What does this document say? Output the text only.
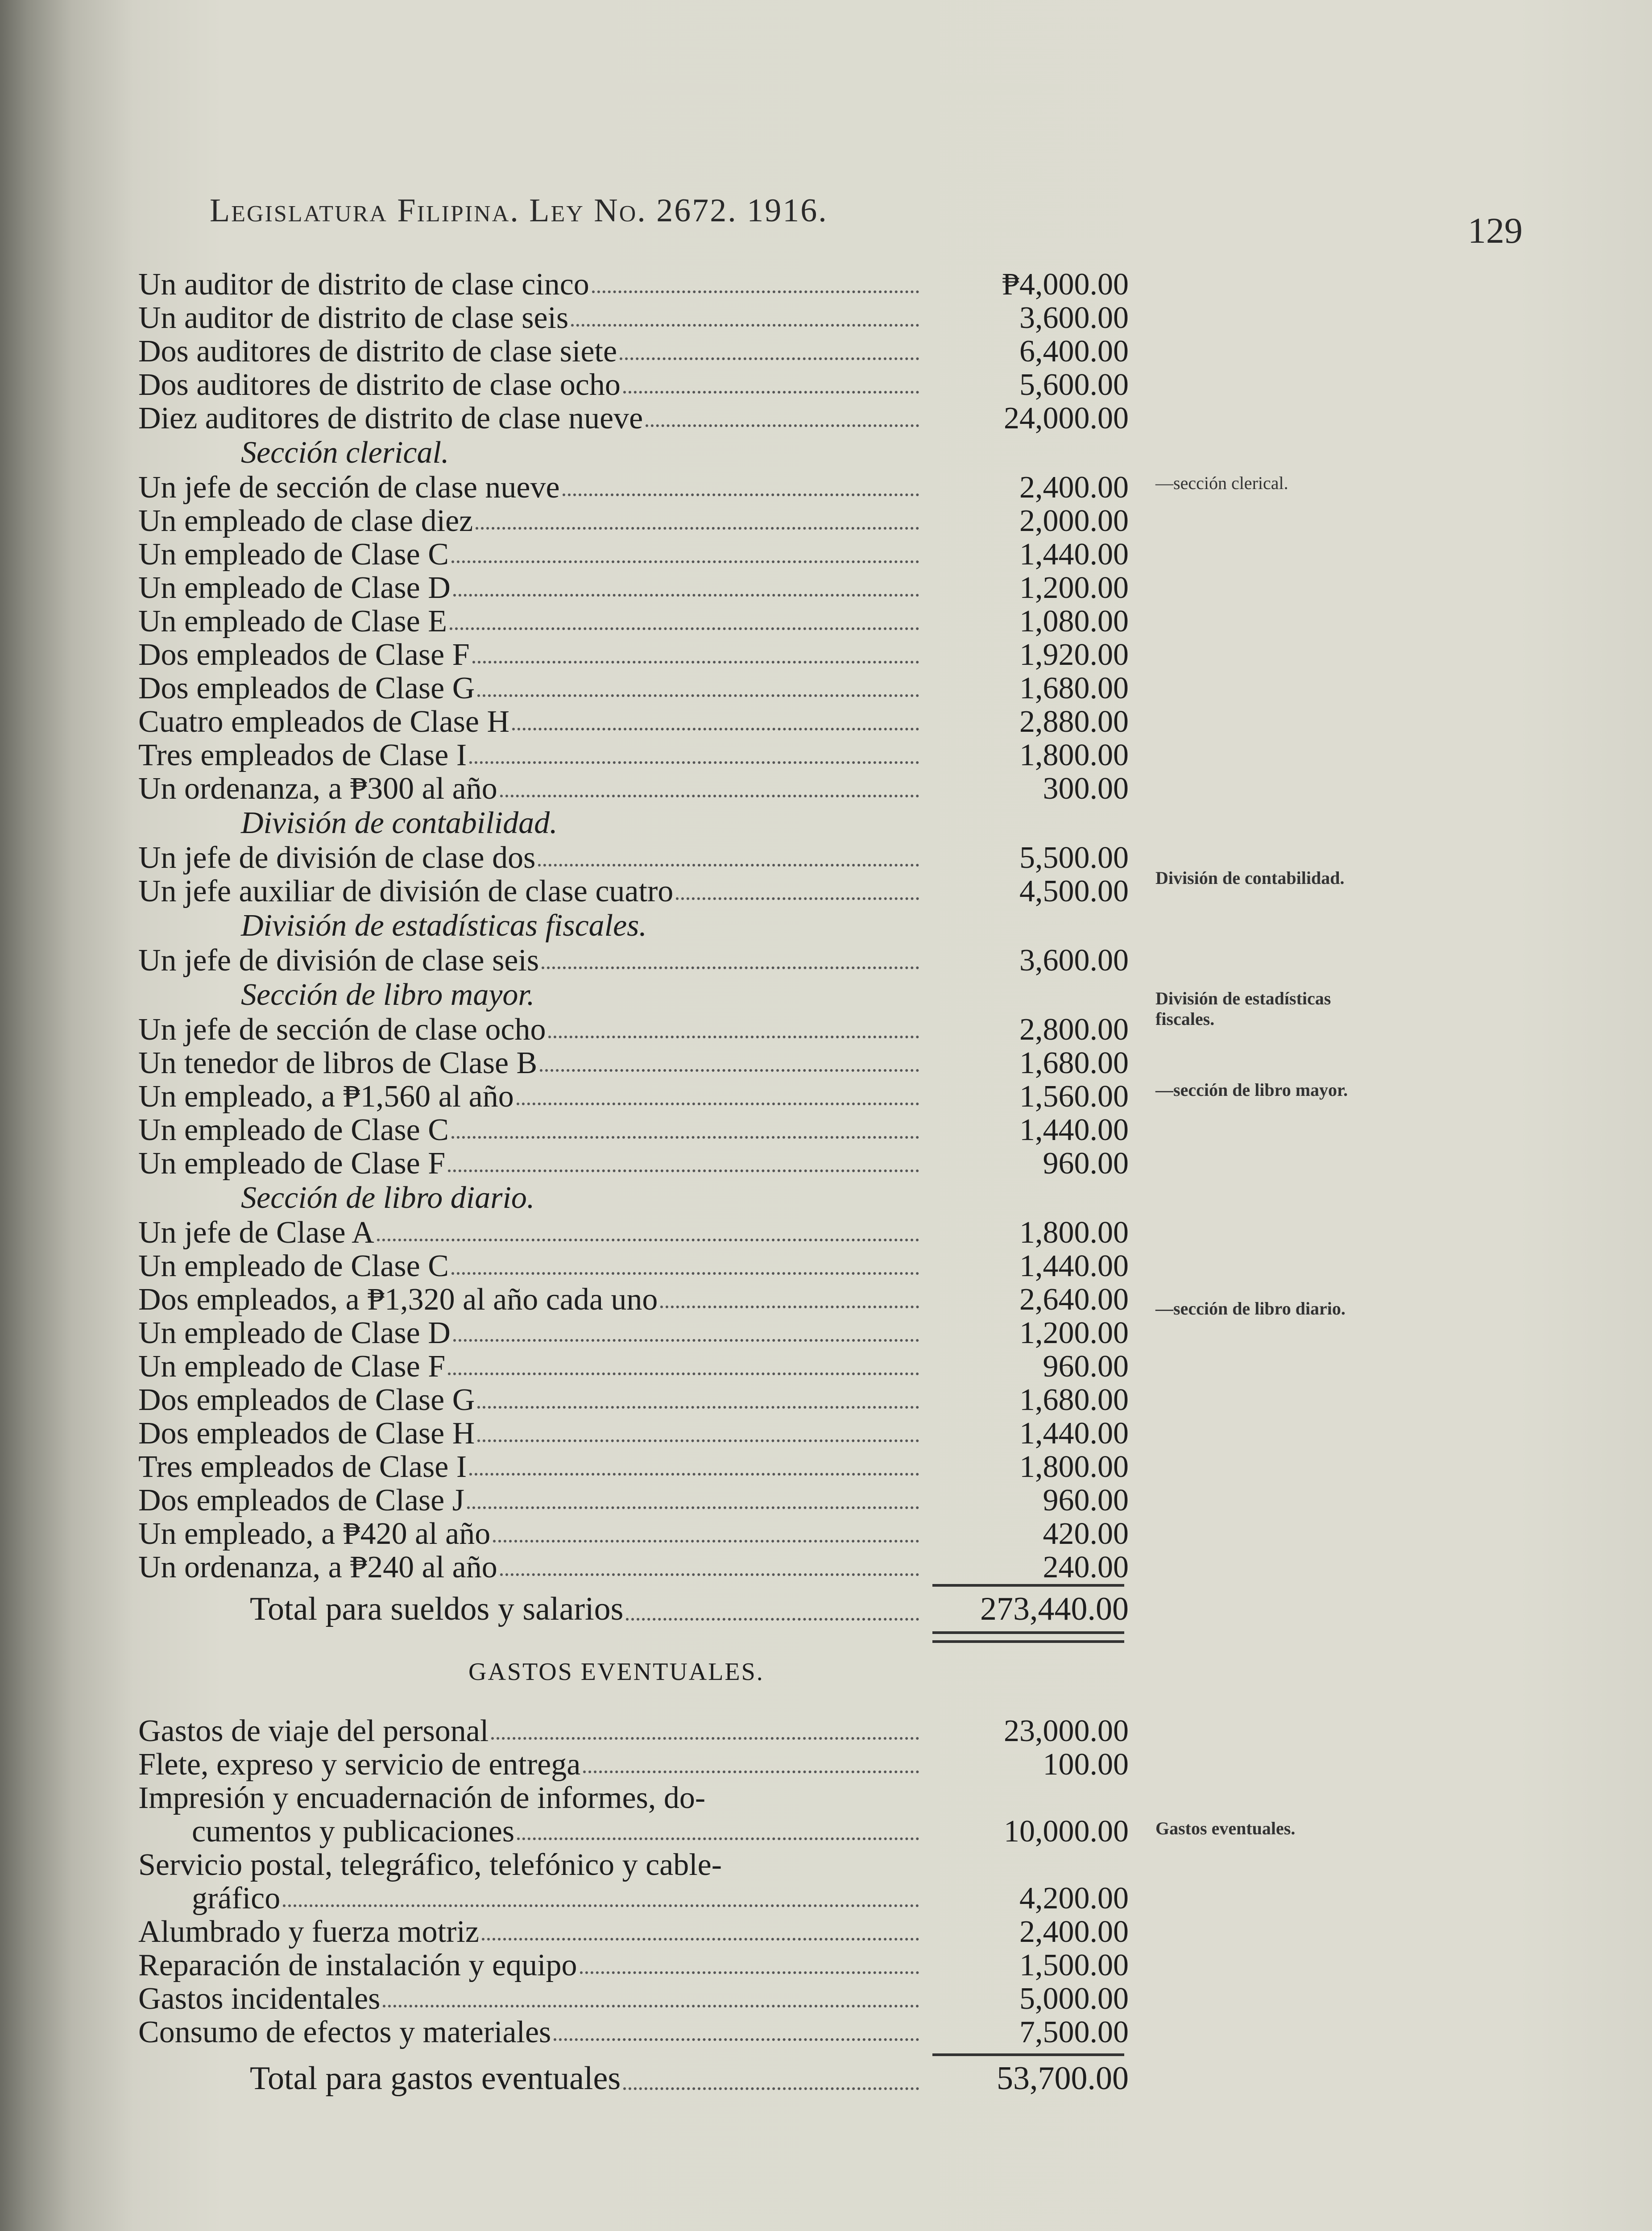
Legislatura Filipina. Ley No. 2672. 1916.	129
—sección clerical.
División de contabilidad.
División de estadísticas fiscales.
—sección de libro mayor.
—sección de libro diario.
Gastos eventuales.
Un auditor de distrito de clase cinco	₱4,000.00
Un auditor de distrito de clase seis	3,600.00
Dos auditores de distrito de clase siete	6,400.00
Dos auditores de distrito de clase ocho	5,600.00
Diez auditores de distrito de clase nueve	24,000.00
Sección clerical.
Un jefe de sección de clase nueve	2,400.00
Un empleado de clase diez	2,000.00
Un empleado de Clase C	1,440.00
Un empleado de Clase D	1,200.00
Un empleado de Clase E	1,080.00
Dos empleados de Clase F	1,920.00
Dos empleados de Clase G	1,680.00
Cuatro empleados de Clase H	2,880.00
Tres empleados de Clase I	1,800.00
Un ordenanza, a ₱300 al año	300.00
División de contabilidad.
Un jefe de división de clase dos	5,500.00
Un jefe auxiliar de división de clase cuatro	4,500.00
División de estadísticas fiscales.
Un jefe de división de clase seis	3,600.00
Sección de libro mayor.
Un jefe de sección de clase ocho	2,800.00
Un tenedor de libros de Clase B	1,680.00
Un empleado, a ₱1,560 al año	1,560.00
Un empleado de Clase C	1,440.00
Un empleado de Clase F	960.00
Sección de libro diario.
Un jefe de Clase A	1,800.00
Un empleado de Clase C	1,440.00
Dos empleados, a ₱1,320 al año cada uno	2,640.00
Un empleado de Clase D	1,200.00
Un empleado de Clase F	960.00
Dos empleados de Clase G	1,680.00
Dos empleados de Clase H	1,440.00
Tres empleados de Clase I	1,800.00
Dos empleados de Clase J	960.00
Un empleado, a ₱420 al año	420.00
Un ordenanza, a ₱240 al año	240.00
Total para sueldos y salarios	273,440.00
GASTOS EVENTUALES.
Gastos de viaje del personal	23,000.00
Flete, expreso y servicio de entrega	100.00
Impresión y encuadernación de informes, do-
cumentos y publicaciones	10,000.00
Servicio postal, telegráfico, telefónico y cable-
gráfico	4,200.00
Alumbrado y fuerza motriz	2,400.00
Reparación de instalación y equipo	1,500.00
Gastos incidentales	5,000.00
Consumo de efectos y materiales	7,500.00
Total para gastos eventuales	53,700.00
